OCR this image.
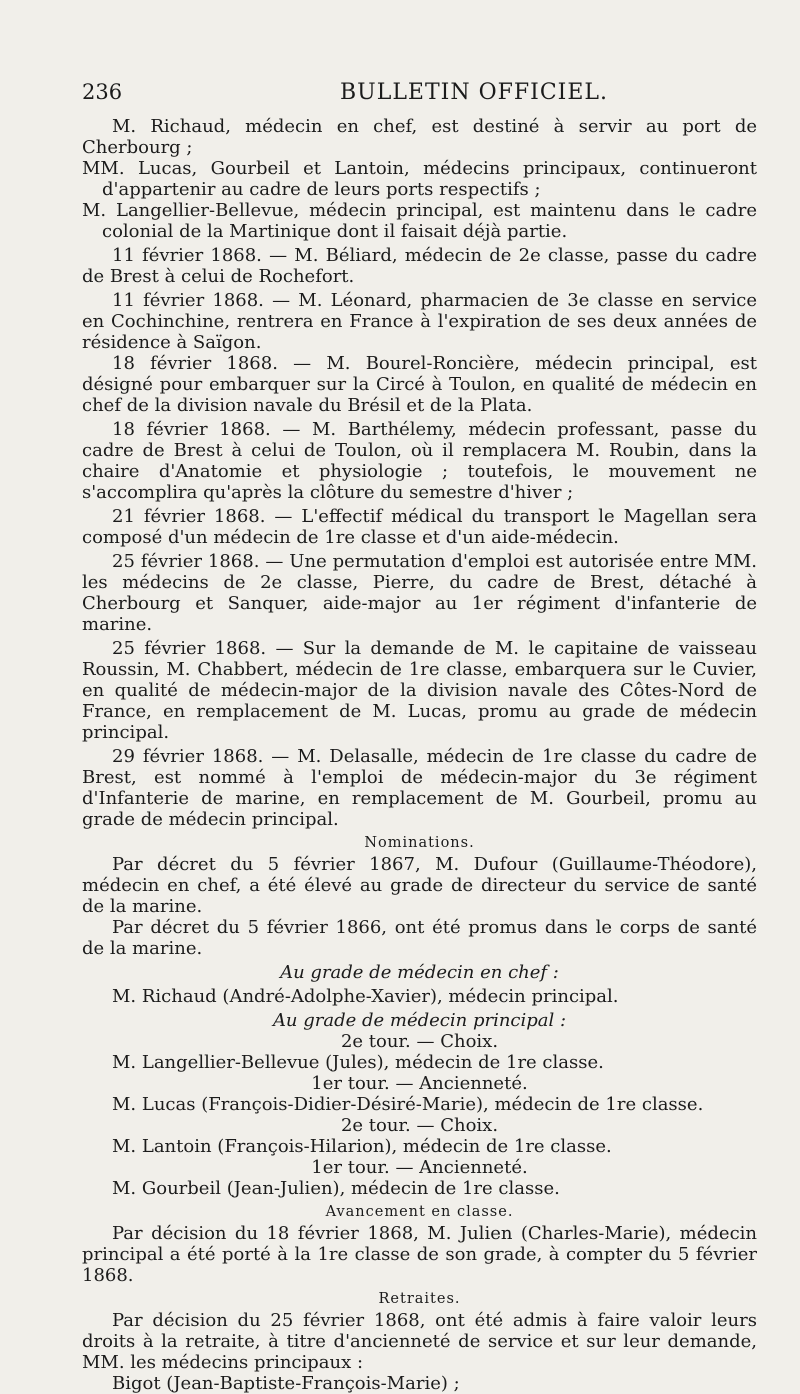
236	BULLETIN OFFICIEL.

M. Richaud, médecin en chef, est destiné à servir au port de Cherbourg ;

MM. Lucas, Gourbeil et Lantoin, médecins principaux, continueront d'appartenir au cadre de leurs ports respectifs ;

M. Langellier-Bellevue, médecin principal, est maintenu dans le cadre colonial de la Martinique dont il faisait déjà partie.

11 février 1868. — M. Béliard, médecin de 2e classe, passe du cadre de Brest à celui de Rochefort.

11 février 1868. — M. Léonard, pharmacien de 3e classe en service en Cochinchine, rentrera en France à l'expiration de ses deux années de résidence à Saïgon.

18 février 1868. — M. Bourel-Roncière, médecin principal, est désigné pour embarquer sur la Circé à Toulon, en qualité de médecin en chef de la division navale du Brésil et de la Plata.

18 février 1868. — M. Barthélemy, médecin professant, passe du cadre de Brest à celui de Toulon, où il remplacera M. Roubin, dans la chaire d'Anatomie et physiologie ; toutefois, le mouvement ne s'accomplira qu'après la clôture du semestre d'hiver ;

21 février 1868. — L'effectif médical du transport le Magellan sera composé d'un médecin de 1re classe et d'un aide-médecin.

25 février 1868. — Une permutation d'emploi est autorisée entre MM. les médecins de 2e classe, Pierre, du cadre de Brest, détaché à Cherbourg et Sanquer, aide-major au 1er régiment d'infanterie de marine.

25 février 1868. — Sur la demande de M. le capitaine de vaisseau Roussin, M. Chabbert, médecin de 1re classe, embarquera sur le Cuvier, en qualité de médecin-major de la division navale des Côtes-Nord de France, en remplacement de M. Lucas, promu au grade de médecin principal.

29 février 1868. — M. Delasalle, médecin de 1re classe du cadre de Brest, est nommé à l'emploi de médecin-major du 3e régiment d'Infanterie de marine, en remplacement de M. Gourbeil, promu au grade de médecin principal.

Nominations.

Par décret du 5 février 1867, M. Dufour (Guillaume-Théodore), médecin en chef, a été élevé au grade de directeur du service de santé de la marine.

Par décret du 5 février 1866, ont été promus dans le corps de santé de la marine.

Au grade de médecin en chef :

M. Richaud (André-Adolphe-Xavier), médecin principal.

Au grade de médecin principal :

2e tour. — Choix.

M. Langellier-Bellevue (Jules), médecin de 1re classe.

1er tour. — Ancienneté.

M. Lucas (François-Didier-Désiré-Marie), médecin de 1re classe.

2e tour. — Choix.

M. Lantoin (François-Hilarion), médecin de 1re classe.

1er tour. — Ancienneté.

M. Gourbeil (Jean-Julien), médecin de 1re classe.

Avancement en classe.

Par décision du 18 février 1868, M. Julien (Charles-Marie), médecin principal a été porté à la 1re classe de son grade, à compter du 5 février 1868.

Retraites.

Par décision du 25 février 1868, ont été admis à faire valoir leurs droits à la retraite, à titre d'ancienneté de service et sur leur demande, MM. les médecins principaux :

Bigot (Jean-Baptiste-François-Marie) ;
